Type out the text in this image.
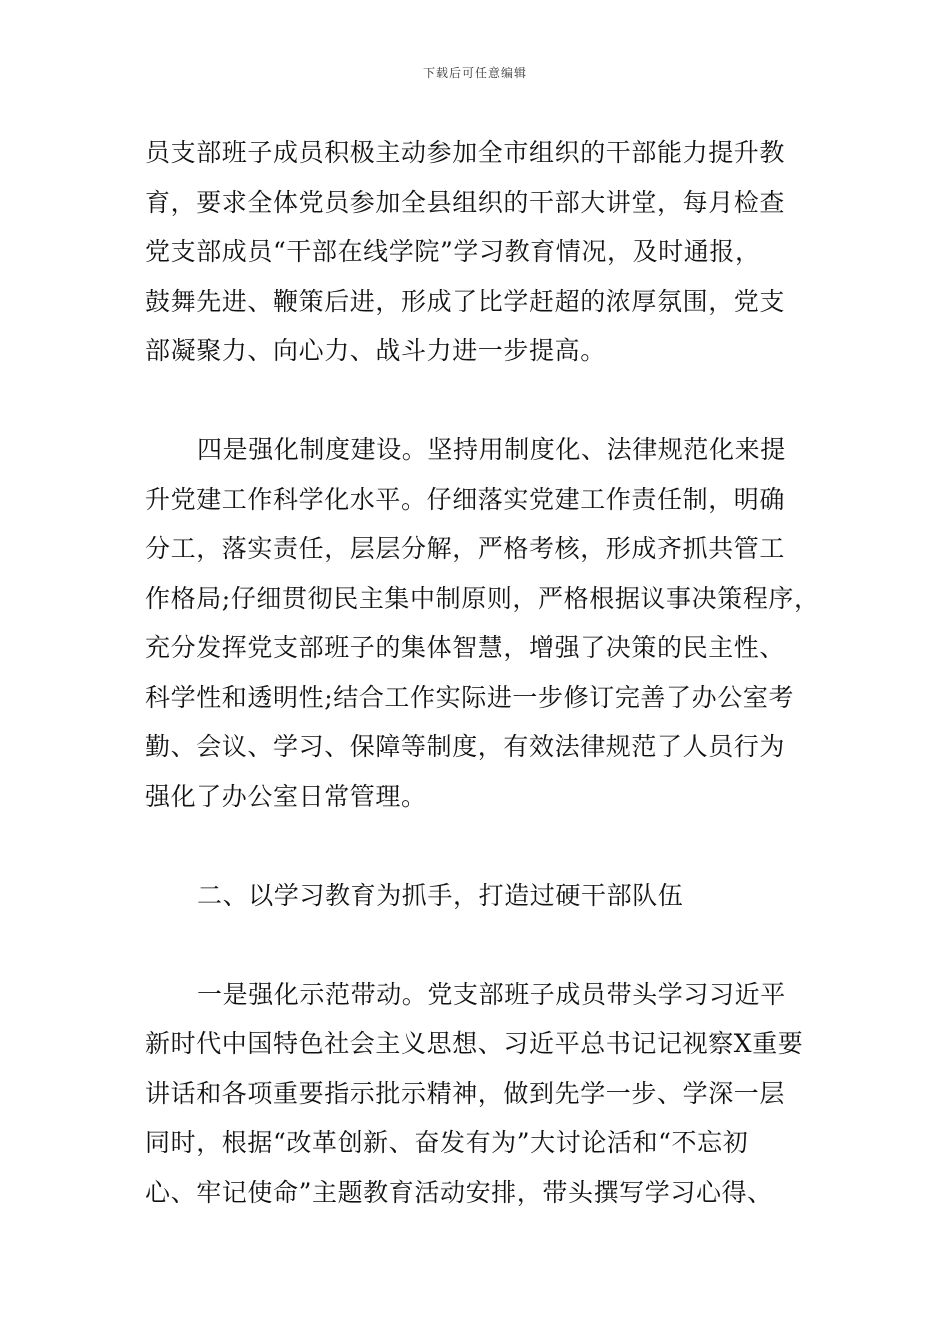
下载后可任意编辑
员支部班子成员积极主动参加全市组织的干部能力提升教
育，要求全体党员参加全县组织的干部大讲堂，每月检查
党支部成员“干部在线学院”学习教育情况，及时通报，
鼓舞先进、鞭策后进，形成了比学赶超的浓厚氛围，党支
部凝聚力、向心力、战斗力进一步提高。
四是强化制度建设。坚持用制度化、法律规范化来提
升党建工作科学化水平。仔细落实党建工作责任制，明确
分工，落实责任，层层分解，严格考核，形成齐抓共管工
作格局;仔细贯彻民主集中制原则，严格根据议事决策程序，
充分发挥党支部班子的集体智慧，增强了决策的民主性、
科学性和透明性;结合工作实际进一步修订完善了办公室考
勤、会议、学习、保障等制度，有效法律规范了人员行为
强化了办公室日常管理。
二、以学习教育为抓手，打造过硬干部队伍
一是强化示范带动。党支部班子成员带头学习习近平
新时代中国特色社会主义思想、习近平总书记记视察X重要
讲话和各项重要指示批示精神，做到先学一步、学深一层
同时，根据“改革创新、奋发有为”大讨论活和“不忘初
心、牢记使命”主题教育活动安排，带头撰写学习心得、
